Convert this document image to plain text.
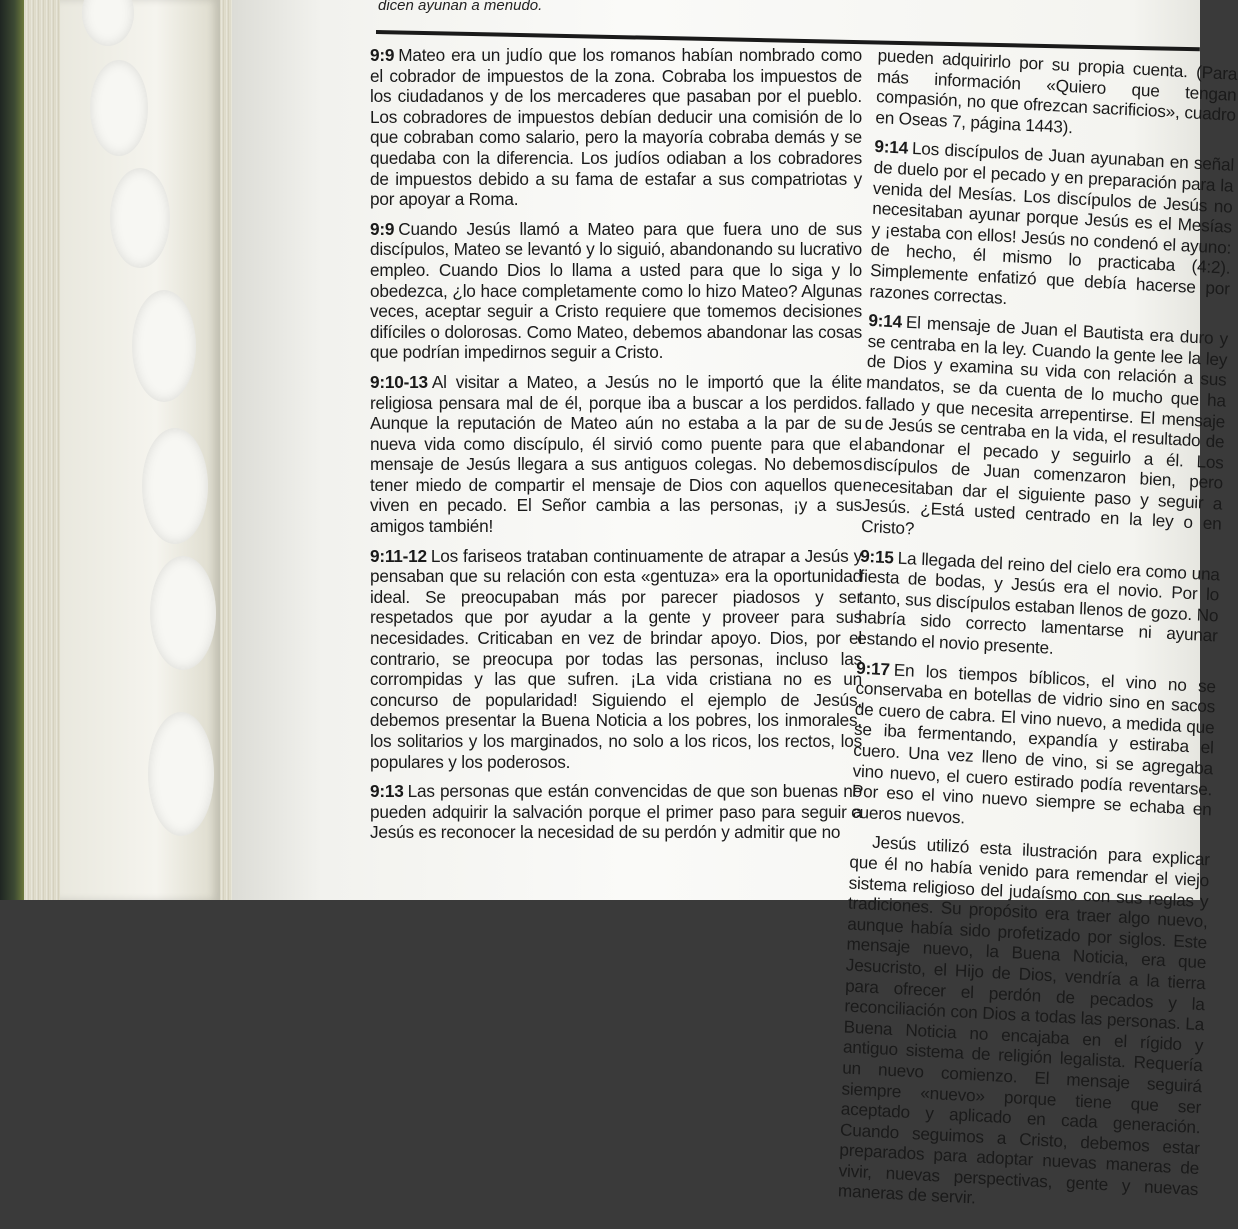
dicen ayunan a menudo.

9:9 Mateo era un judío que los romanos habían nombrado como el cobrador de impuestos de la zona. Cobraba los impuestos de los ciudadanos y de los mercaderes que pasaban por el pueblo. Los cobradores de impuestos debían deducir una comisión de lo que cobraban como salario, pero la mayoría cobraba demás y se quedaba con la diferencia. Los judíos odiaban a los cobradores de impuestos debido a su fama de estafar a sus compatriotas y por apoyar a Roma.

9:9 Cuando Jesús llamó a Mateo para que fuera uno de sus discípulos, Mateo se levantó y lo siguió, abandonando su lucrativo empleo. Cuando Dios lo llama a usted para que lo siga y lo obedezca, ¿lo hace completamente como lo hizo Mateo? Algunas veces, aceptar seguir a Cristo requiere que tomemos decisiones difíciles o dolorosas. Como Mateo, debemos abandonar las cosas que podrían impedirnos seguir a Cristo.

9:10-13 Al visitar a Mateo, a Jesús no le importó que la élite religiosa pensara mal de él, porque iba a buscar a los perdidos. Aunque la reputación de Mateo aún no estaba a la par de su nueva vida como discípulo, él sirvió como puente para que el mensaje de Jesús llegara a sus antiguos colegas. No debemos tener miedo de compartir el mensaje de Dios con aquellos que viven en pecado. El Señor cambia a las personas, ¡y a sus amigos también!

9:11-12 Los fariseos trataban continuamente de atrapar a Jesús y pensaban que su relación con esta «gentuza» era la oportunidad ideal. Se preocupaban más por parecer piadosos y ser respetados que por ayudar a la gente y proveer para sus necesidades. Criticaban en vez de brindar apoyo. Dios, por el contrario, se preocupa por todas las personas, incluso las corrompidas y las que sufren. ¡La vida cristiana no es un concurso de popularidad! Siguiendo el ejemplo de Jesús, debemos presentar la Buena Noticia a los pobres, los inmorales, los solitarios y los marginados, no solo a los ricos, los rectos, los populares y los poderosos.

9:13 Las personas que están convencidas de que son buenas no pueden adquirir la salvación porque el primer paso para seguir a Jesús es reconocer la necesidad de su perdón y admitir que no

pueden adquirirlo por su propia cuenta. (Para más información «Quiero que tengan compasión, no que ofrezcan sacrificios», cuadro en Oseas 7, página 1443).

9:14 Los discípulos de Juan ayunaban en señal de duelo por el pecado y en preparación para la venida del Mesías. Los discípulos de Jesús no necesitaban ayunar porque Jesús es el Mesías y ¡estaba con ellos! Jesús no condenó el ayuno: de hecho, él mismo lo practicaba (4:2). Simplemente enfatizó que debía hacerse por razones correctas.

9:14 El mensaje de Juan el Bautista era duro y se centraba en la ley. Cuando la gente lee la ley de Dios y examina su vida con relación a sus mandatos, se da cuenta de lo mucho que ha fallado y que necesita arrepentirse. El mensaje de Jesús se centraba en la vida, el resultado de abandonar el pecado y seguirlo a él. Los discípulos de Juan comenzaron bien, pero necesitaban dar el siguiente paso y seguir a Jesús. ¿Está usted centrado en la ley o en Cristo?

9:15 La llegada del reino del cielo era como una fiesta de bodas, y Jesús era el novio. Por lo tanto, sus discípulos estaban llenos de gozo. No habría sido correcto lamentarse ni ayunar estando el novio presente.

9:17 En los tiempos bíblicos, el vino no se conservaba en botellas de vidrio sino en sacos de cuero de cabra. El vino nuevo, a medida que se iba fermentando, expandía y estiraba el cuero. Una vez lleno de vino, si se agregaba vino nuevo, el cuero estirado podía reventarse. Por eso el vino nuevo siempre se echaba en cueros nuevos.

Jesús utilizó esta ilustración para explicar que él no había venido para remendar el viejo sistema religioso del judaísmo con sus reglas y tradiciones. Su propósito era traer algo nuevo, aunque había sido profetizado por siglos. Este mensaje nuevo, la Buena Noticia, era que Jesucristo, el Hijo de Dios, vendría a la tierra para ofrecer el perdón de pecados y la reconciliación con Dios a todas las personas. La Buena Noticia no encajaba en el rígido y antiguo sistema de religión legalista. Requería un nuevo comienzo. El mensaje seguirá siempre «nuevo» porque tiene que ser aceptado y aplicado en cada generación. Cuando seguimos a Cristo, debemos estar preparados para adoptar nuevas maneras de vivir, nuevas perspectivas, gente y nuevas maneras de servir.
